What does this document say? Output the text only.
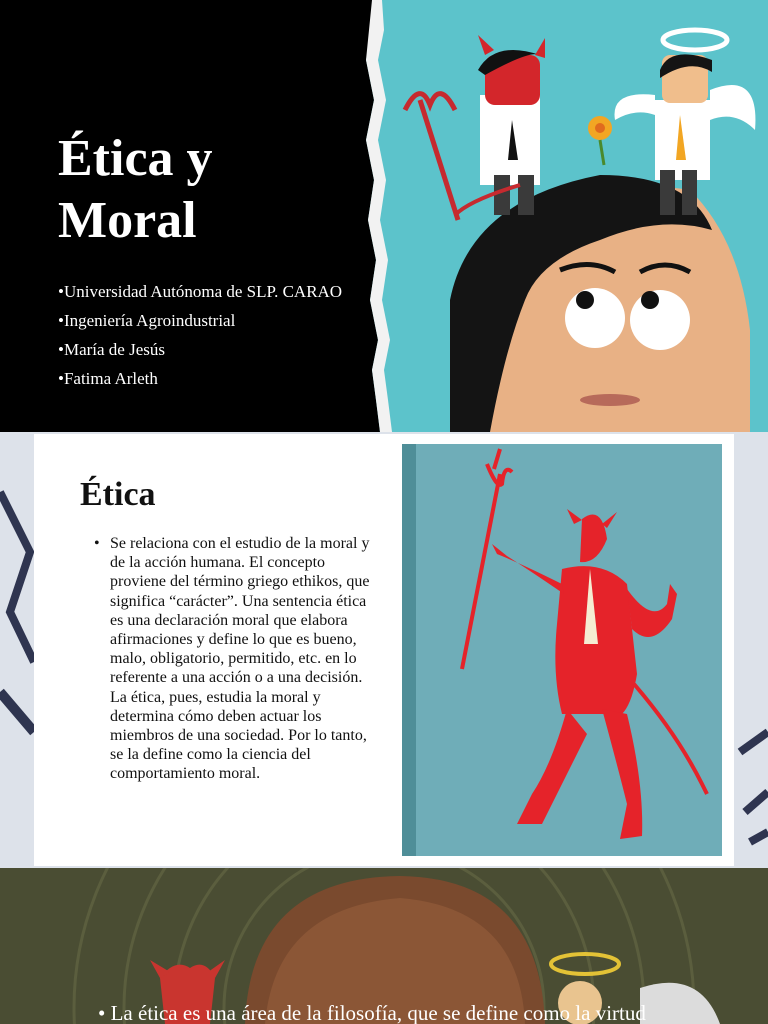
Ética y
Moral
•Universidad Autónoma de SLP. CARAO
•Ingeniería Agroindustrial
•María de Jesús
•Fatima Arleth
Ética
• Se relaciona con el estudio de la moral y de la acción humana. El concepto proviene del término griego ethikos, que significa “carácter”. Una sentencia ética es una declaración moral que elabora afirmaciones y define lo que es bueno, malo, obligatorio, permitido, etc. en lo referente a una acción o a una decisión. La ética, pues, estudia la moral y determina cómo deben actuar los miembros de una sociedad. Por lo tanto, se la define como la ciencia del comportamiento moral.
• La ética es una área de la filosofía, que se define como la virtud
